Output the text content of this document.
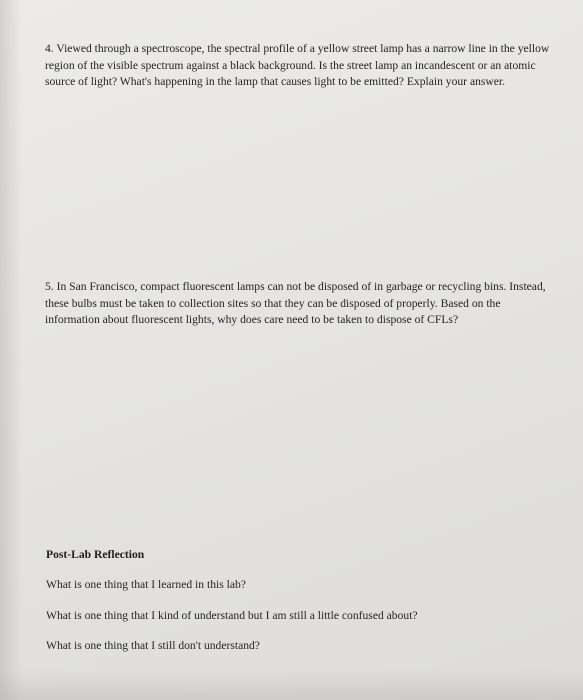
4. Viewed through a spectroscope, the spectral profile of a yellow street lamp has a narrow line in the yellow region of the visible spectrum against a black background. Is the street lamp an incandescent or an atomic source of light? What's happening in the lamp that causes light to be emitted? Explain your answer.
5. In San Francisco, compact fluorescent lamps can not be disposed of in garbage or recycling bins. Instead, these bulbs must be taken to collection sites so that they can be disposed of properly. Based on the information about fluorescent lights, why does care need to be taken to dispose of CFLs?
Post-Lab Reflection
What is one thing that I learned in this lab?
What is one thing that I kind of understand but I am still a little confused about?
What is one thing that I still don't understand?
